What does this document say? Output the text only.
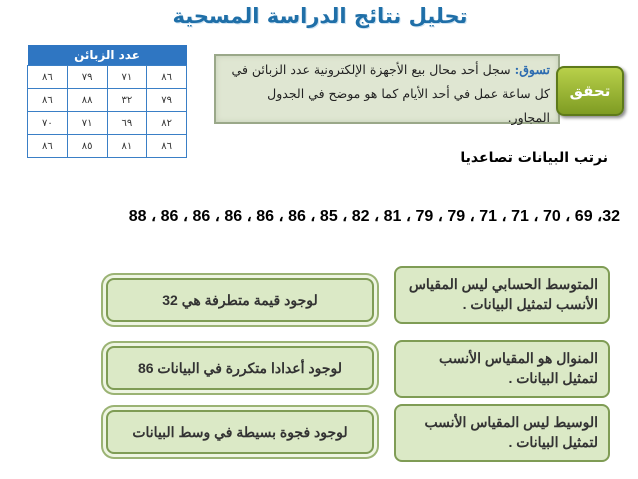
تحليل نتائج الدراسة المسحية
عدد الزبائن			
٨٦	٧٩	٧١	٨٦
٨٦	٨٨	٣٢	٧٩
٧٠	٧١	٦٩	٨٢
٨٦	٨٥	٨١	٨٦
تسوق: سجل أحد محال بيع الأجهزة الإلكترونية عدد الزبائن في كل ساعة عمل في أحد الأيام كما هو موضح في الجدول المجاور.
تحقق
نرتب البيانات تصاعديا
32، 69 ، 70 ، 71 ، 71 ، 79 ، 79 ، 81 ، 82 ، 85 ، 86 ، 86 ، 86 ، 86 ، 86 ، 88
المتوسط الحسابي ليس المقياس الأنسب لتمثيل البيانات .
لوجود قيمة متطرفة هي 32
المنوال هو المقياس الأنسب لتمثيل البيانات .
لوجود أعدادا متكررة في البيانات 86
الوسيط ليس المقياس الأنسب لتمثيل البيانات .
لوجود فجوة بسيطة في وسط البيانات
